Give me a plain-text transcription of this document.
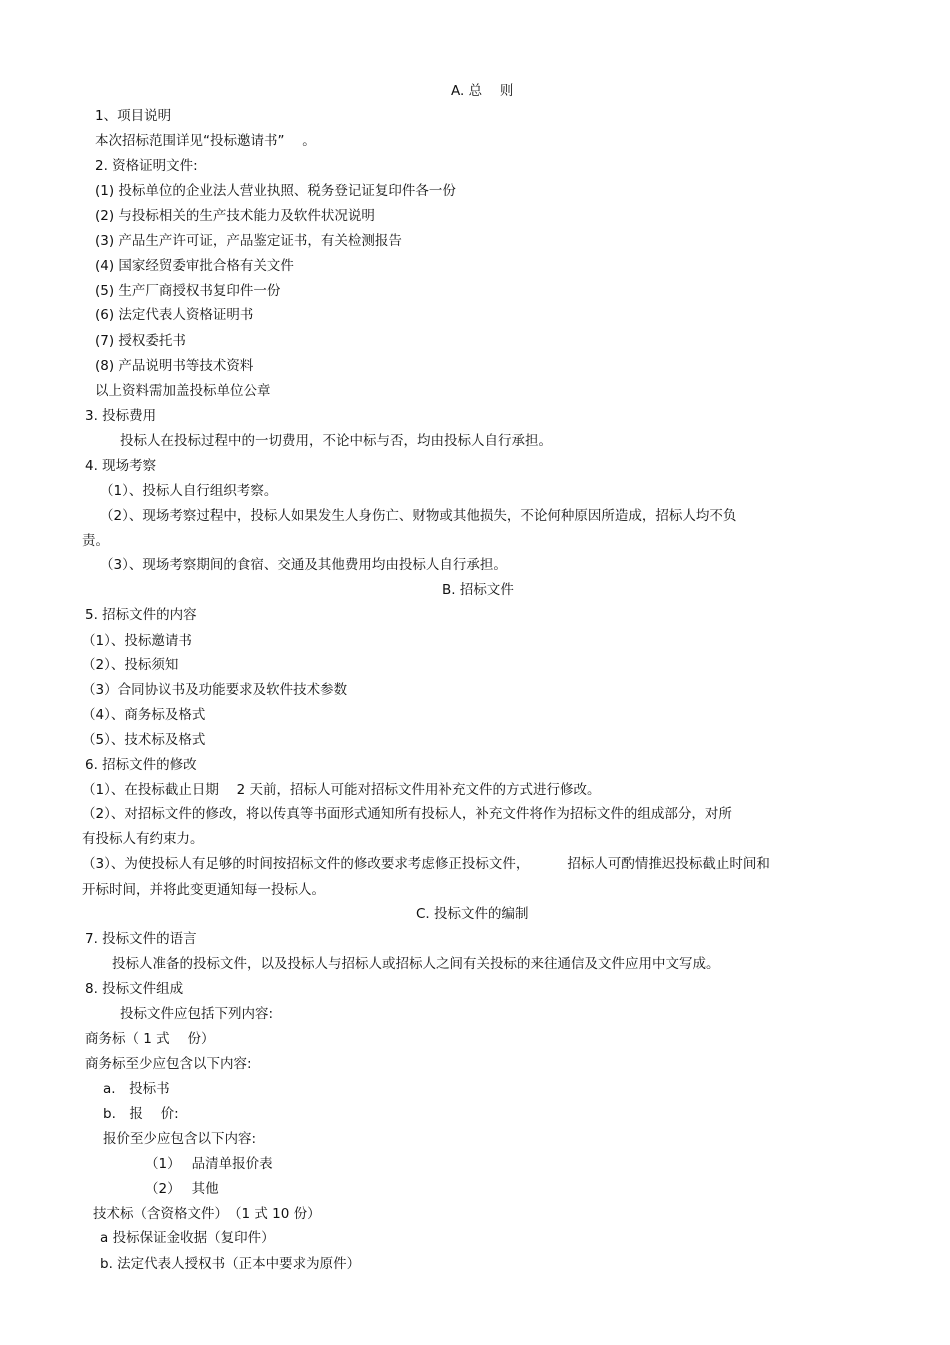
A. 总　 则
1、项目说明
本次招标范围详见“投标邀请书”　 。
2. 资格证明文件:
(1) 投标单位的企业法人营业执照、税务登记证复印件各一份
(2) 与投标相关的生产技术能力及软件状况说明
(3) 产品生产许可证，产品鉴定证书，有关检测报告
(4) 国家经贸委审批合格有关文件
(5) 生产厂商授权书复印件一份
(6) 法定代表人资格证明书
(7) 授权委托书
(8) 产品说明书等技术资料
以上资料需加盖投标单位公章
3. 投标费用
投标人在投标过程中的一切费用，不论中标与否，均由投标人自行承担。
4. 现场考察
（1）、投标人自行组织考察。
（2）、现场考察过程中，投标人如果发生人身伤亡、财物或其他损失，不论何种原因所造成，招标人均不负
责。
（3）、现场考察期间的食宿、交通及其他费用均由投标人自行承担。
B. 招标文件
5. 招标文件的内容
（1）、投标邀请书
（2）、投标须知
（3）合同协议书及功能要求及软件技术参数
（4）、商务标及格式
（5）、技术标及格式
6. 招标文件的修改
（1）、在投标截止日期　 2 天前，招标人可能对招标文件用补充文件的方式进行修改。
（2）、对招标文件的修改，将以传真等书面形式通知所有投标人，补充文件将作为招标文件的组成部分，对所
有投标人有约束力。
（3）、为使投标人有足够的时间按招标文件的修改要求考虑修正投标文件，　　　 招标人可酌情推迟投标截止时间和
开标时间，并将此变更通知每一投标人。
C. 投标文件的编制
7. 投标文件的语言
投标人准备的投标文件，以及投标人与招标人或招标人之间有关投标的来往通信及文件应用中文写成。
8. 投标文件组成
投标文件应包括下列内容:
商务标（ 1 式　 份）
商务标至少应包含以下内容:
a.　投标书
b.　报　 价:
报价至少应包含以下内容:
（1）　 品清单报价表
（2）　 其他
技术标（含资格文件）　（1 式 10 份）
a 投标保证金收据（复印件）
b. 法定代表人授权书（正本中要求为原件）
